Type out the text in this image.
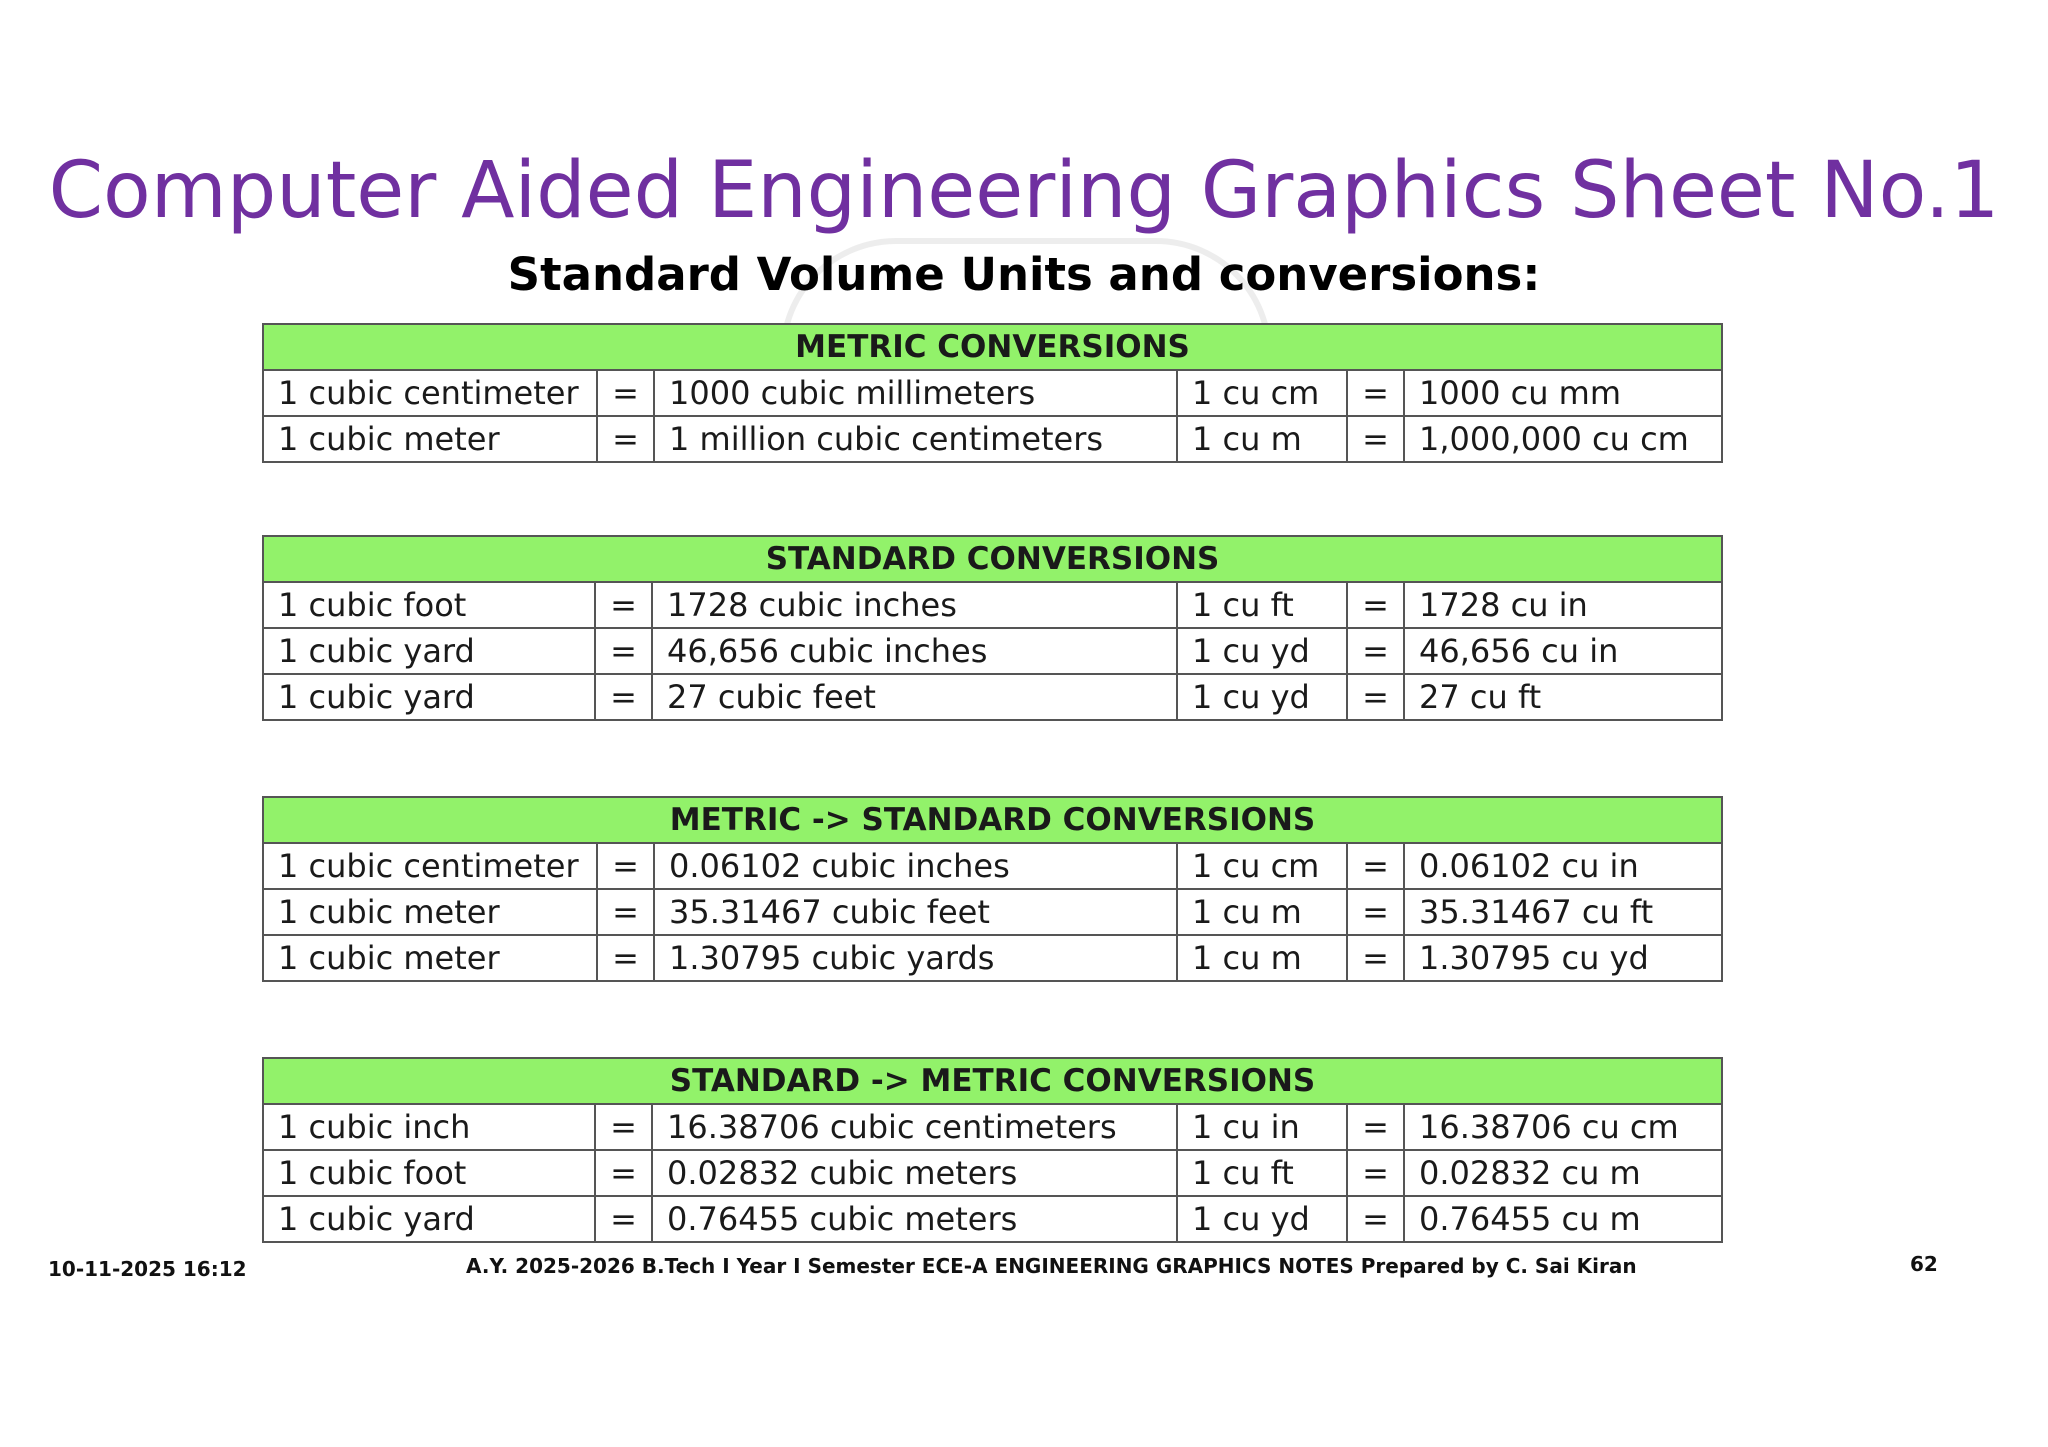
Computer Aided Engineering Graphics Sheet No.1
Standard Volume Units and conversions:
METRIC CONVERSIONS					
1 cubic centimeter	=	1000 cubic millimeters	1 cu cm	=	1000 cu mm
1 cubic meter	=	1 million cubic centimeters	1 cu m	=	1,000,000 cu cm
STANDARD CONVERSIONS					
1 cubic foot	=	1728 cubic inches	1 cu ft	=	1728 cu in
1 cubic yard	=	46,656 cubic inches	1 cu yd	=	46,656 cu in
1 cubic yard	=	27 cubic feet	1 cu yd	=	27 cu ft
METRIC -> STANDARD CONVERSIONS					
1 cubic centimeter	=	0.06102 cubic inches	1 cu cm	=	0.06102 cu in
1 cubic meter	=	35.31467 cubic feet	1 cu m	=	35.31467 cu ft
1 cubic meter	=	1.30795 cubic yards	1 cu m	=	1.30795 cu yd
STANDARD -> METRIC CONVERSIONS					
1 cubic inch	=	16.38706 cubic centimeters	1 cu in	=	16.38706 cu cm
1 cubic foot	=	0.02832 cubic meters	1 cu ft	=	0.02832 cu m
1 cubic yard	=	0.76455 cubic meters	1 cu yd	=	0.76455 cu m
10-11-2025 16:12	A.Y. 2025-2026 B.Tech I Year I Semester ECE-A ENGINEERING GRAPHICS NOTES Prepared by C. Sai Kiran	62
